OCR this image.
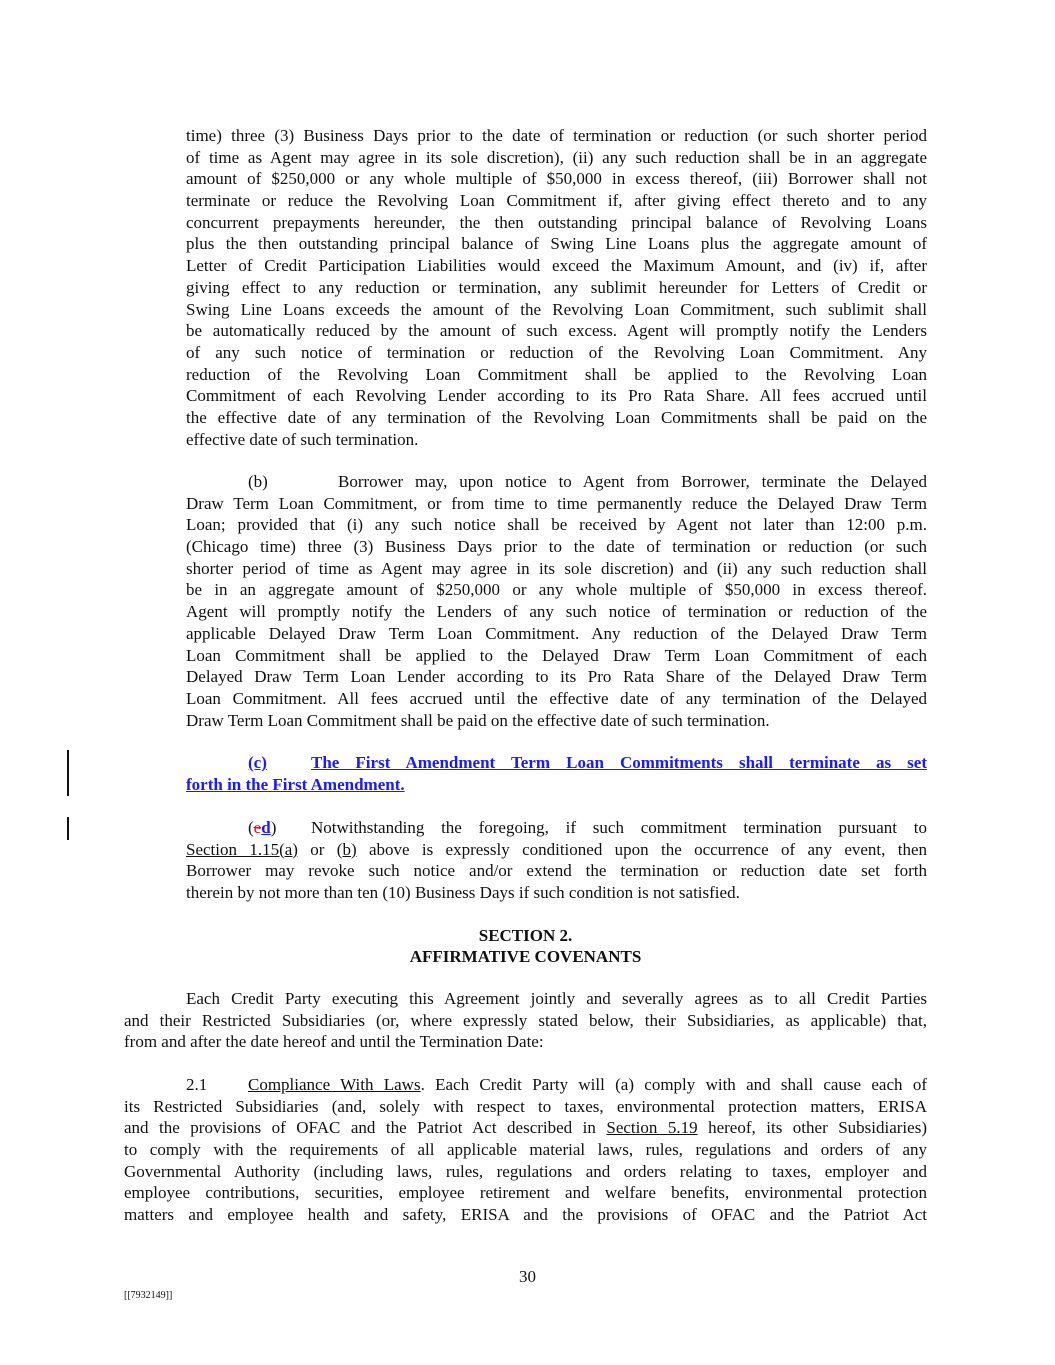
time) three (3) Business Days prior to the date of termination or reduction (or such shorter period
of time as Agent may agree in its sole discretion), (ii) any such reduction shall be in an aggregate
amount of $250,000 or any whole multiple of $50,000 in excess thereof, (iii) Borrower shall not
terminate or reduce the Revolving Loan Commitment if, after giving effect thereto and to any
concurrent prepayments hereunder, the then outstanding principal balance of Revolving Loans
plus the then outstanding principal balance of Swing Line Loans plus the aggregate amount of
Letter of Credit Participation Liabilities would exceed the Maximum Amount, and (iv) if, after
giving effect to any reduction or termination, any sublimit hereunder for Letters of Credit or
Swing Line Loans exceeds the amount of the Revolving Loan Commitment, such sublimit shall
be automatically reduced by the amount of such excess. Agent will promptly notify the Lenders
of any such notice of termination or reduction of the Revolving Loan Commitment. Any
reduction of the Revolving Loan Commitment shall be applied to the Revolving Loan
Commitment of each Revolving Lender according to its Pro Rata Share. All fees accrued until
the effective date of any termination of the Revolving Loan Commitments shall be paid on the
effective date of such termination.
Borrower may, upon notice to Agent from Borrower, terminate the Delayed
(b)
Draw Term Loan Commitment, or from time to time permanently reduce the Delayed Draw Term
Loan; provided that (i) any such notice shall be received by Agent not later than 12:00 p.m.
(Chicago time) three (3) Business Days prior to the date of termination or reduction (or such
shorter period of time as Agent may agree in its sole discretion) and (ii) any such reduction shall
be in an aggregate amount of $250,000 or any whole multiple of $50,000 in excess thereof.
Agent will promptly notify the Lenders of any such notice of termination or reduction of the
applicable Delayed Draw Term Loan Commitment. Any reduction of the Delayed Draw Term
Loan Commitment shall be applied to the Delayed Draw Term Loan Commitment of each
Delayed Draw Term Loan Lender according to its Pro Rata Share of the Delayed Draw Term
Loan Commitment. All fees accrued until the effective date of any termination of the Delayed
Draw Term Loan Commitment shall be paid on the effective date of such termination.
The First Amendment Term Loan Commitments shall terminate as set
(c)
forth in the First Amendment.
Notwithstanding the foregoing, if such commitment termination pursuant to
(ed)
Section 1.15(a) or (b) above is expressly conditioned upon the occurrence of any event, then
Borrower may revoke such notice and/or extend the termination or reduction date set forth
therein by not more than ten (10) Business Days if such condition is not satisfied.
SECTION 2.
AFFIRMATIVE COVENANTS
Each Credit Party executing this Agreement jointly and severally agrees as to all Credit Parties
and their Restricted Subsidiaries (or, where expressly stated below, their Subsidiaries, as applicable) that,
from and after the date hereof and until the Termination Date:
Compliance With Laws. Each Credit Party will (a) comply with and shall cause each of
2.1
its Restricted Subsidiaries (and, solely with respect to taxes, environmental protection matters, ERISA
and the provisions of OFAC and the Patriot Act described in Section 5.19 hereof, its other Subsidiaries)
to comply with the requirements of all applicable material laws, rules, regulations and orders of any
Governmental Authority (including laws, rules, regulations and orders relating to taxes, employer and
employee contributions, securities, employee retirement and welfare benefits, environmental protection
matters and employee health and safety, ERISA and the provisions of OFAC and the Patriot Act
30
[[7932149]]
